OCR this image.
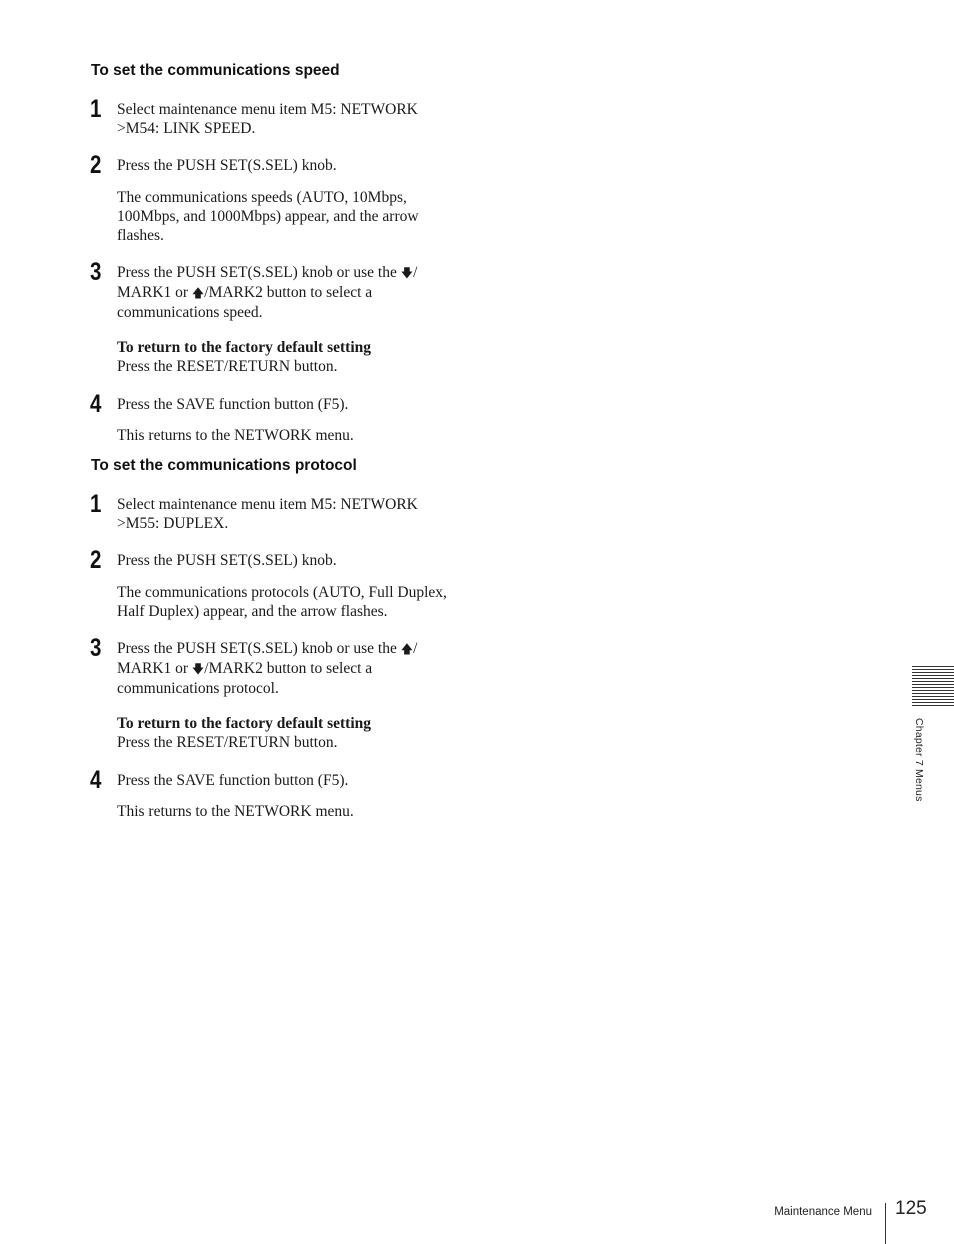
To set the communications speed
1 Select maintenance menu item M5: NETWORK
>M54: LINK SPEED.
2 Press the PUSH SET(S.SEL) knob.
The communications speeds (AUTO, 10Mbps,
100Mbps, and 1000Mbps) appear, and the arrow
flashes.
3 Press the PUSH SET(S.SEL) knob or use the 🡇/
MARK1 or 🡅/MARK2 button to select a
communications speed.
To return to the factory default setting
Press the RESET/RETURN button.
4 Press the SAVE function button (F5).
This returns to the NETWORK menu.
To set the communications protocol
1 Select maintenance menu item M5: NETWORK
>M55: DUPLEX.
2 Press the PUSH SET(S.SEL) knob.
The communications protocols (AUTO, Full Duplex,
Half Duplex) appear, and the arrow flashes.
3 Press the PUSH SET(S.SEL) knob or use the 🡅/
MARK1 or 🡇/MARK2 button to select a
communications protocol.
To return to the factory default setting
Press the RESET/RETURN button.
4 Press the SAVE function button (F5).
This returns to the NETWORK menu.
Chapter 7 Menus
Maintenance Menu 125
